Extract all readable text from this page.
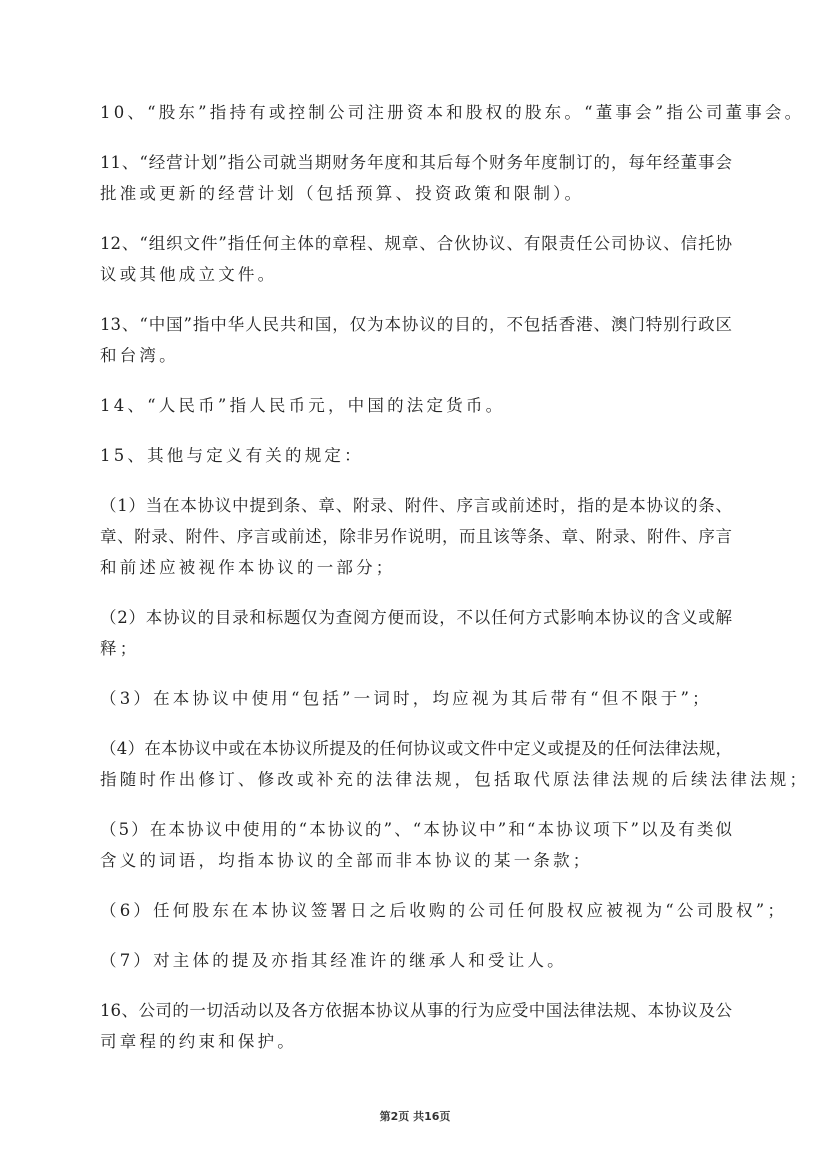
10、“股东”指持有或控制公司注册资本和股权的股东。“董事会”指公司董事会。
11、“经营计划”指公司就当期财务年度和其后每个财务年度制订的，每年经董事会
批准或更新的经营计划（包括预算、投资政策和限制）。
12、“组织文件”指任何主体的章程、规章、合伙协议、有限责任公司协议、信托协
议或其他成立文件。
13、“中国”指中华人民共和国，仅为本协议的目的，不包括香港、澳门特别行政区
和台湾。
14、“人民币”指人民币元，中国的法定货币。
15、其他与定义有关的规定：
（1）当在本协议中提到条、章、附录、附件、序言或前述时，指的是本协议的条、
章、附录、附件、序言或前述，除非另作说明，而且该等条、章、附录、附件、序言
和前述应被视作本协议的一部分；
（2）本协议的目录和标题仅为查阅方便而设，不以任何方式影响本协议的含义或解
释；
（3）在本协议中使用“包括”一词时，均应视为其后带有“但不限于”；
（4）在本协议中或在本协议所提及的任何协议或文件中定义或提及的任何法律法规，
指随时作出修订、修改或补充的法律法规，包括取代原法律法规的后续法律法规；
（5）在本协议中使用的“本协议的”、“本协议中”和“本协议项下”以及有类似
含义的词语，均指本协议的全部而非本协议的某一条款；
（6）任何股东在本协议签署日之后收购的公司任何股权应被视为“公司股权”；
（7）对主体的提及亦指其经准许的继承人和受让人。
16、公司的一切活动以及各方依据本协议从事的行为应受中国法律法规、本协议及公
司章程的约束和保护。
第2页 共16页
